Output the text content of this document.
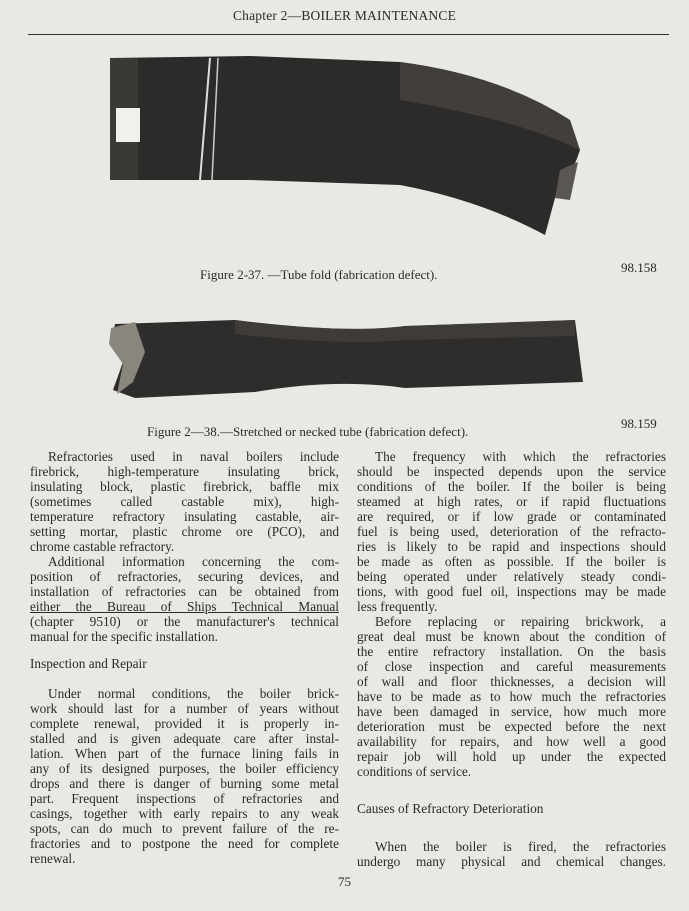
Chapter 2—BOILER MAINTENANCE
Figure 2-37. —Tube fold (fabrication defect).	98.158
Figure 2—38.—Stretched or necked tube (fabrication defect).
98.159
Refractories used in naval boilers include
firebrick, high-temperature insulating brick,
insulating block, plastic firebrick, baffle mix
(sometimes called castable mix), high-
temperature refractory insulating castable, air-
setting mortar, plastic chrome ore (PCO), and
chrome castable refractory.
Additional information concerning the com-
position of refractories, securing devices, and
installation of refractories can be obtained from
either the Bureau of Ships Technical Manual
(chapter 9510) or the manufacturer's technical
manual for the specific installation.
Inspection and Repair
Under normal conditions, the boiler brick-
work should last for a number of years without
complete renewal, provided it is properly in-
stalled and is given adequate care after instal-
lation. When part of the furnace lining fails in
any of its designed purposes, the boiler efficiency
drops and there is danger of burning some metal
part. Frequent inspections of refractories and
casings, together with early repairs to any weak
spots, can do much to prevent failure of the re-
fractories and to postpone the need for complete
renewal.
The frequency with which the refractories
should be inspected depends upon the service
conditions of the boiler. If the boiler is being
steamed at high rates, or if rapid fluctuations
are required, or if low grade or contaminated
fuel is being used, deterioration of the refracto-
ries is likely to be rapid and inspections should
be made as often as possible. If the boiler is
being operated under relatively steady condi-
tions, with good fuel oil, inspections may be made
less frequently.
Before replacing or repairing brickwork, a
great deal must be known about the condition of
the entire refractory installation. On the basis
of close inspection and careful measurements
of wall and floor thicknesses, a decision will
have to be made as to how much the refractories
have been damaged in service, how much more
deterioration must be expected before the next
availability for repairs, and how well a good
repair job will hold up under the expected
conditions of service.
Causes of Refractory Deterioration
When the boiler is fired, the refractories
undergo many physical and chemical changes.
75
